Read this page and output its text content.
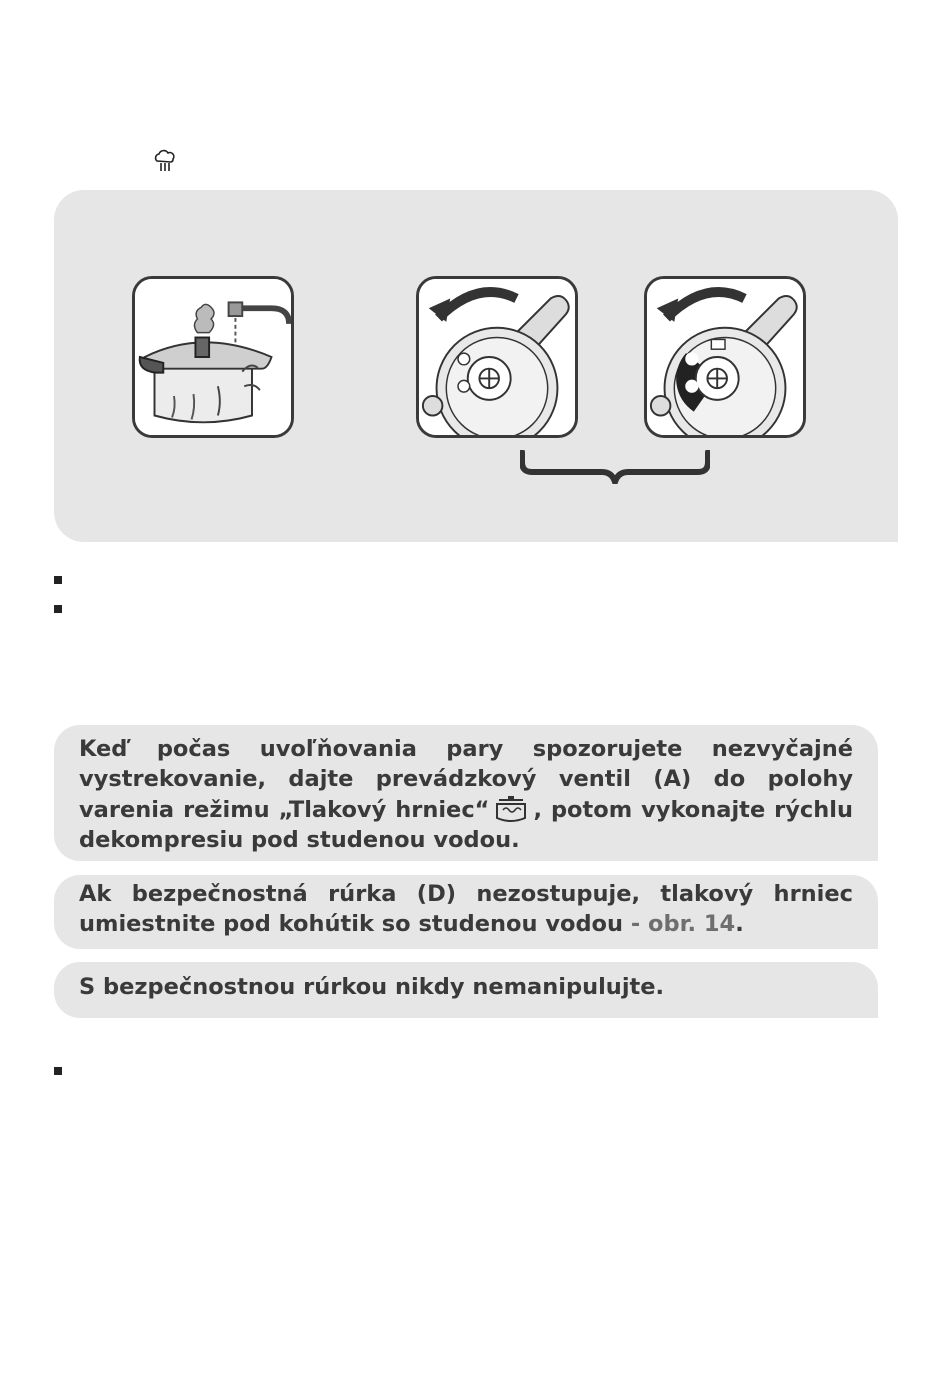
Keď počas uvoľňovania pary spozorujete nezvyčajné vystrekovanie, dajte prevádzkový ventil (A) do polohy varenia režimu „Tlakový hrniec“ , potom vykonajte rýchlu dekompresiu pod studenou vodou.

Ak bezpečnostná rúrka (D) nezostupuje, tlakový hrniec umiestnite pod kohútik so studenou vodou - obr. 14.

S bezpečnostnou rúrkou nikdy nemanipulujte.
